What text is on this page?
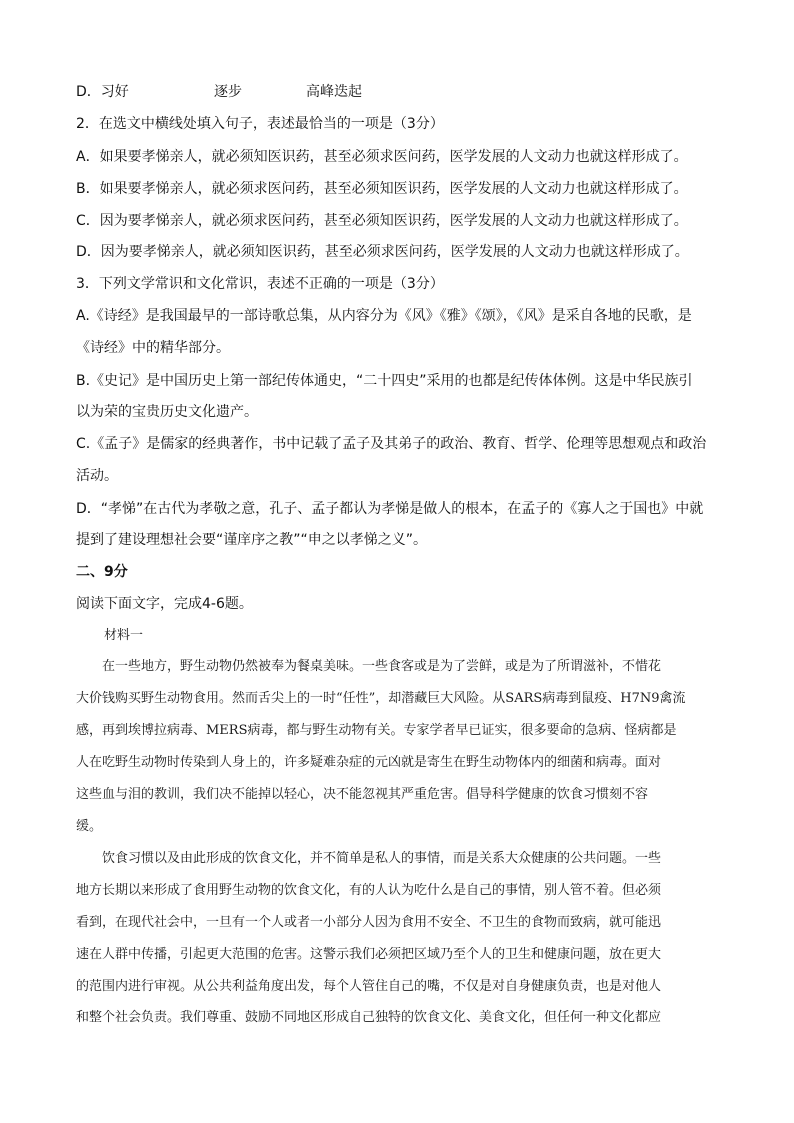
D．习好	逐步	高峰迭起
2．在选文中横线处填入句子，表述最恰当的一项是（3分）
A．如果要孝悌亲人，就必须知医识药，甚至必须求医问药，医学发展的人文动力也就这样形成了。
B．如果要孝悌亲人，就必须求医问药，甚至必须知医识药，医学发展的人文动力也就这样形成了。
C．因为要孝悌亲人，就必须求医问药，甚至必须知医识药，医学发展的人文动力也就这样形成了。
D．因为要孝悌亲人，就必须知医识药，甚至必须求医问药，医学发展的人文动力也就这样形成了。
3．下列文学常识和文化常识，表述不正确的一项是（3分）
A.《诗经》是我国最早的一部诗歌总集，从内容分为《风》《雅》《颂》，《风》是采自各地的民歌，是
《诗经》中的精华部分。
B.《史记》是中国历史上第一部纪传体通史，“二十四史”采用的也都是纪传体体例。这是中华民族引
以为荣的宝贵历史文化遗产。
C.《孟子》是儒家的经典著作，书中记载了孟子及其弟子的政治、教育、哲学、伦理等思想观点和政治
活动。
D．“孝悌”在古代为孝敬之意，孔子、孟子都认为孝悌是做人的根本，在孟子的《寡人之于国也》中就
提到了建设理想社会要“谨庠序之教”“申之以孝悌之义”。
二、9分
阅读下面文字，完成4-6题。
材料一
在一些地方，野生动物仍然被奉为餐桌美味。一些食客或是为了尝鲜，或是为了所谓滋补，不惜花
大价钱购买野生动物食用。然而舌尖上的一时“任性”，却潜藏巨大风险。从SARS病毒到鼠疫、H7N9禽流
感，再到埃博拉病毒、MERS病毒，都与野生动物有关。专家学者早已证实，很多要命的急病、怪病都是
人在吃野生动物时传染到人身上的，许多疑难杂症的元凶就是寄生在野生动物体内的细菌和病毒。面对
这些血与泪的教训，我们决不能掉以轻心，决不能忽视其严重危害。倡导科学健康的饮食习惯刻不容
缓。
饮食习惯以及由此形成的饮食文化，并不简单是私人的事情，而是关系大众健康的公共问题。一些
地方长期以来形成了食用野生动物的饮食文化，有的人认为吃什么是自己的事情，别人管不着。但必须
看到，在现代社会中，一旦有一个人或者一小部分人因为食用不安全、不卫生的食物而致病，就可能迅
速在人群中传播，引起更大范围的危害。这警示我们必须把区域乃至个人的卫生和健康问题，放在更大
的范围内进行审视。从公共利益角度出发，每个人管住自己的嘴，不仅是对自身健康负责，也是对他人
和整个社会负责。我们尊重、鼓励不同地区形成自己独特的饮食文化、美食文化，但任何一种文化都应
